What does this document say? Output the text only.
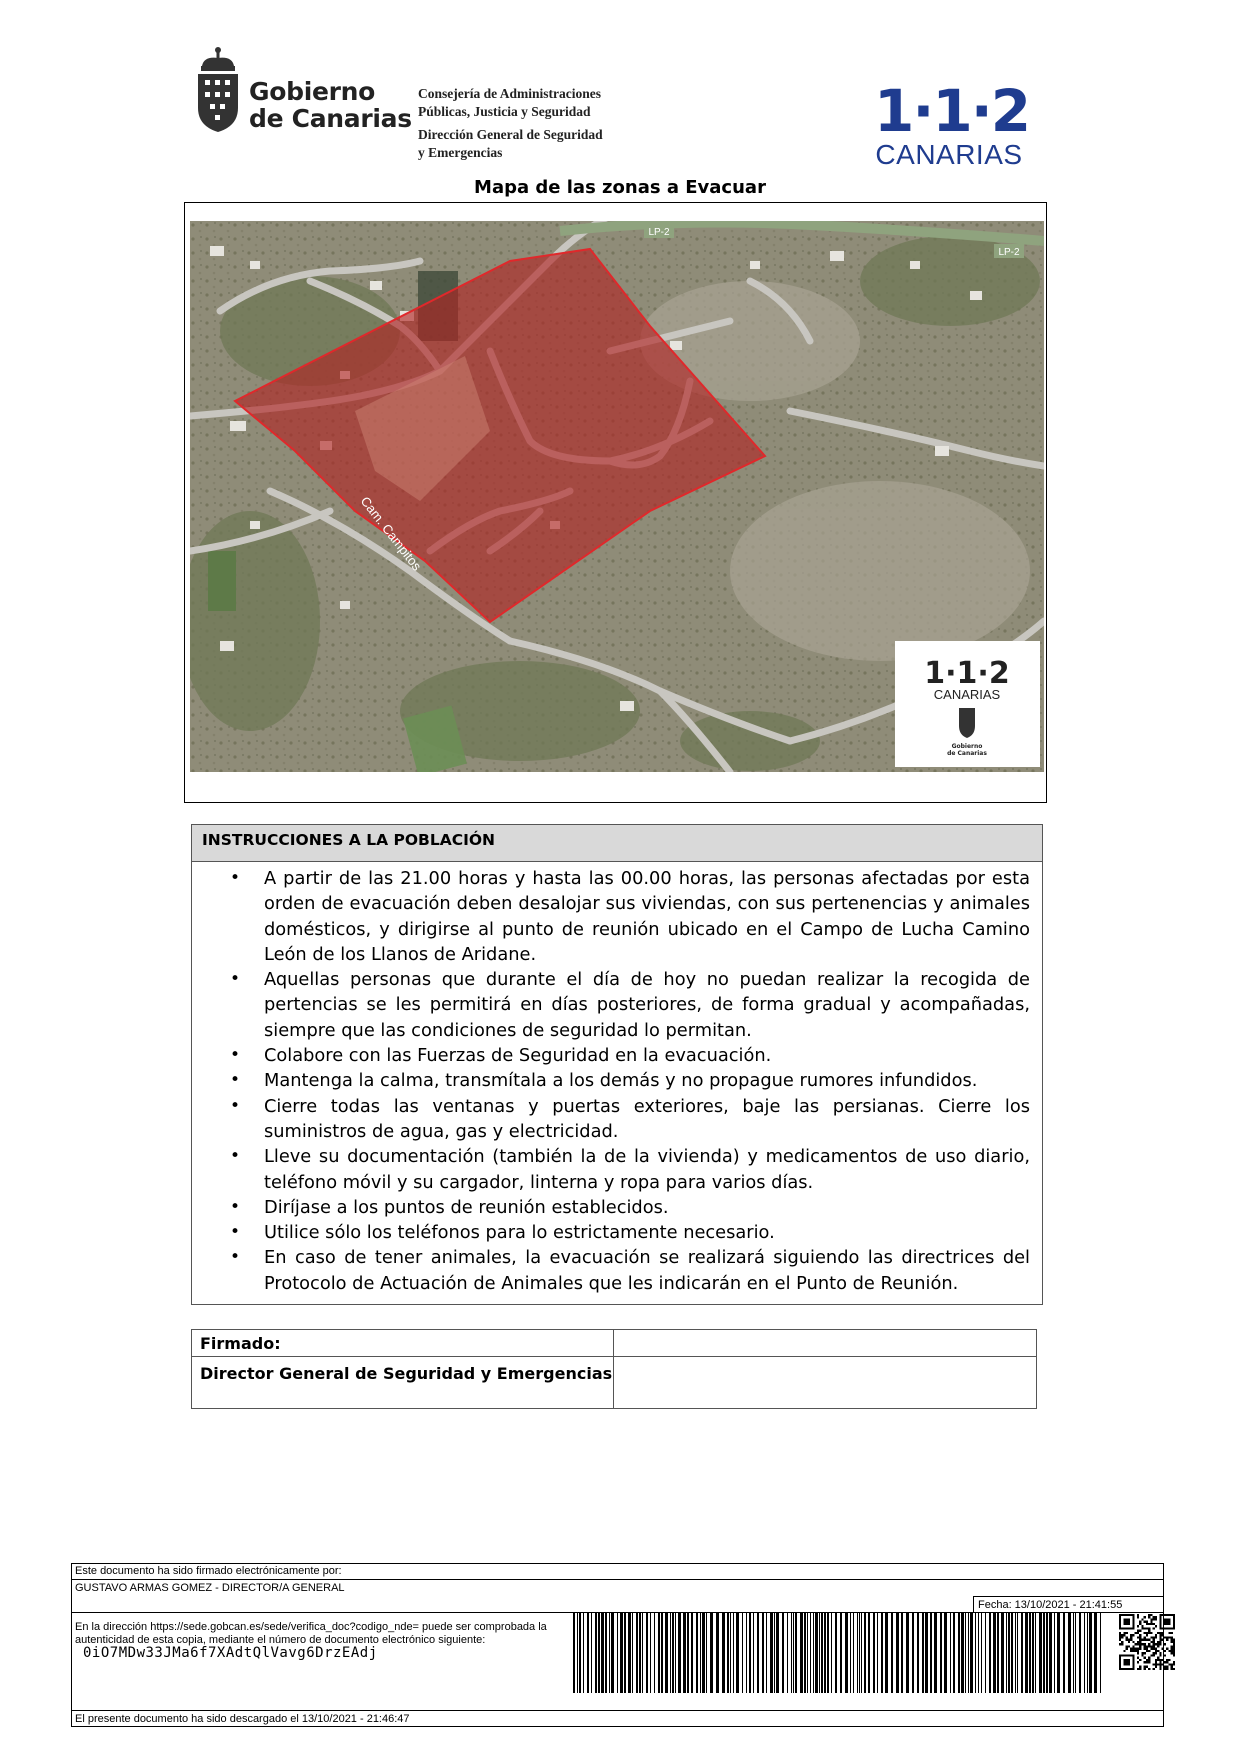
Gobierno
de Canarias
Consejería de Administraciones
Públicas, Justicia y Seguridad
Dirección General de Seguridad
y Emergencias
1·1·2
CANARIAS
Mapa de las zonas a Evacuar
LP-2
LP-2
Cam. Campitos
1·1·2
CANARIAS
Gobierno
de Canarias
INSTRUCCIONES A LA POBLACIÓN
• A partir de las 21.00 horas y hasta las 00.00 horas, las personas afectadas por esta orden de evacuación deben desalojar sus viviendas, con sus pertenencias y animales domésticos, y dirigirse al punto de reunión ubicado en el Campo de Lucha Camino León de los Llanos de Aridane.
• Aquellas personas que durante el día de hoy no puedan realizar la recogida de pertencias se les permitirá en días posteriores, de forma gradual y acompañadas, siempre que las condiciones de seguridad lo permitan.
• Colabore con las Fuerzas de Seguridad en la evacuación.
• Mantenga la calma, transmítala a los demás y no propague rumores infundidos.
• Cierre todas las ventanas y puertas exteriores, baje las persianas. Cierre los suministros de agua, gas y electricidad.
• Lleve su documentación (también la de la vivienda) y medicamentos de uso diario, teléfono móvil y su cargador, linterna y ropa para varios días.
• Diríjase a los puntos de reunión establecidos.
• Utilice sólo los teléfonos para lo estrictamente necesario.
• En caso de tener animales, la evacuación se realizará siguiendo las directrices del Protocolo de Actuación de Animales que les indicarán en el Punto de Reunión.
Firmado:
Director General de Seguridad y Emergencias
Este documento ha sido firmado electrónicamente por:
GUSTAVO ARMAS GOMEZ - DIRECTOR/A GENERAL
Fecha: 13/10/2021 - 21:41:55
En la dirección https://sede.gobcan.es/sede/verifica_doc?codigo_nde= puede ser comprobada la autenticidad de esta copia, mediante el número de documento electrónico siguiente: 0iO7MDw33JMa6f7XAdtQlVavg6DrzEAdj
El presente documento ha sido descargado el 13/10/2021 - 21:46:47
